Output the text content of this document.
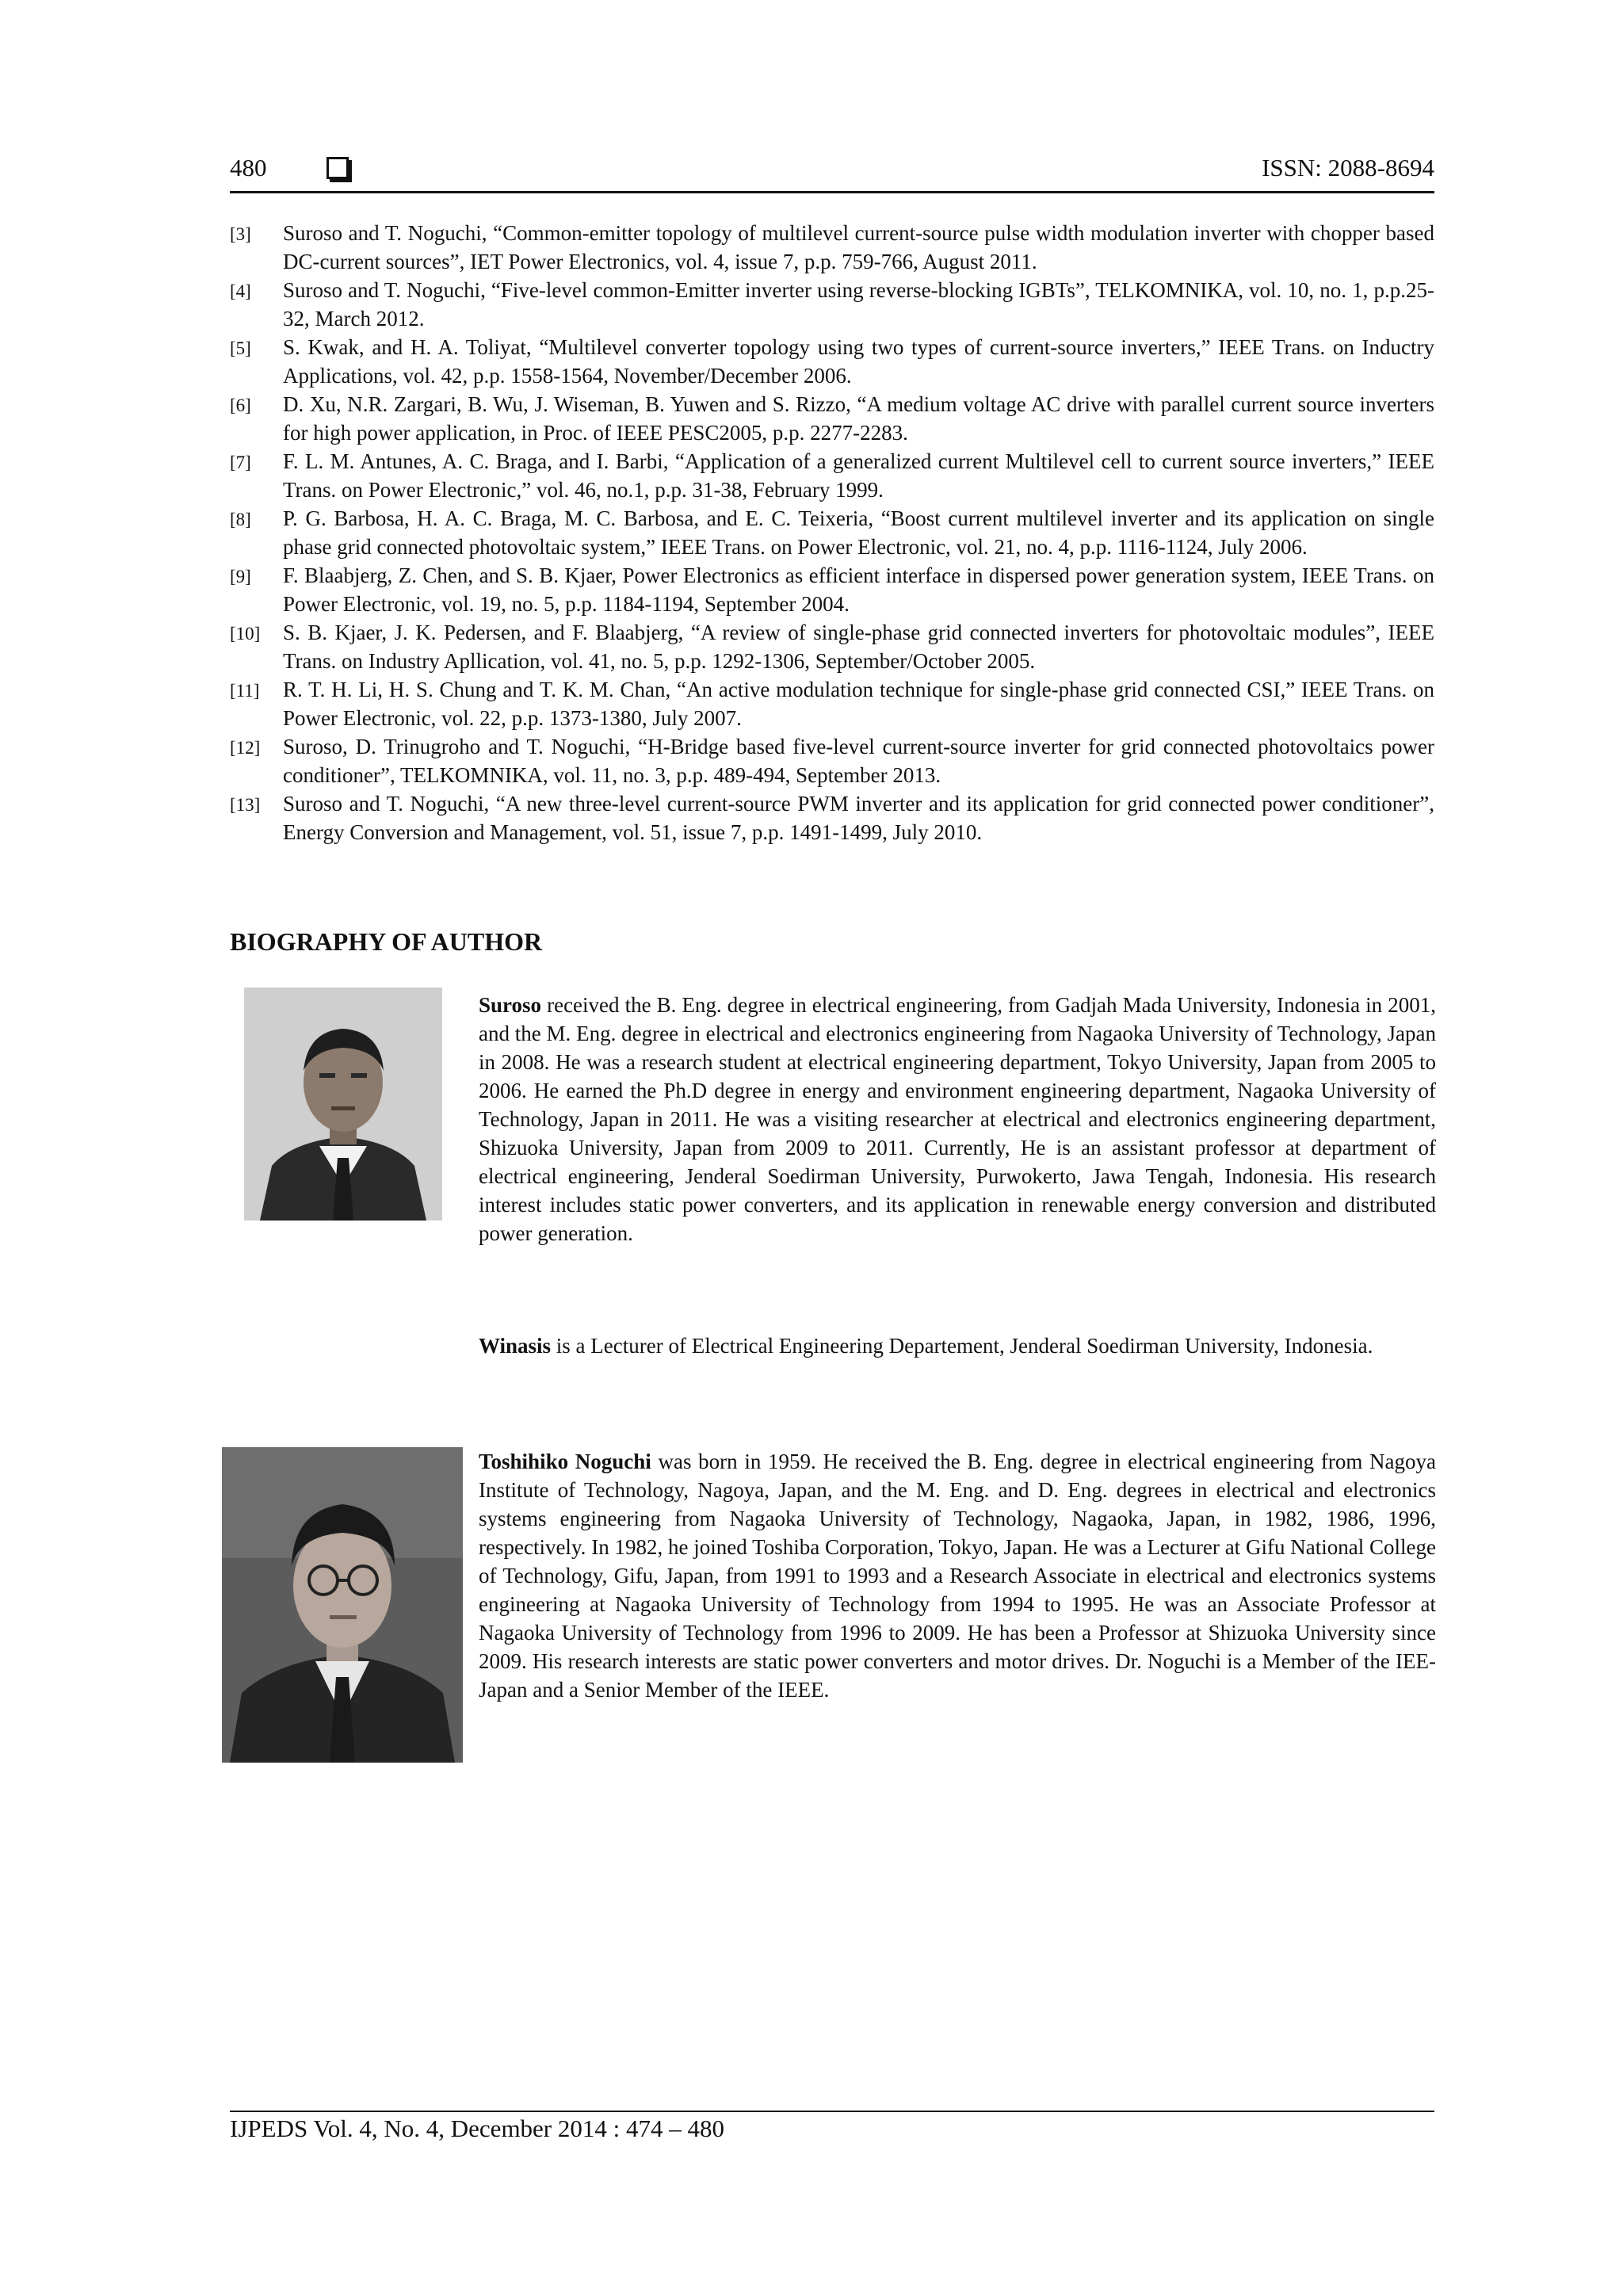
480	ISSN: 2088-8694
[3] Suroso and T. Noguchi, “Common-emitter topology of multilevel current-source pulse width modulation inverter with chopper based DC-current sources”, IET Power Electronics, vol. 4, issue 7, p.p. 759-766, August 2011.
[4] Suroso and T. Noguchi, “Five-level common-Emitter inverter using reverse-blocking IGBTs”, TELKOMNIKA, vol. 10, no. 1, p.p.25-32, March 2012.
[5] S. Kwak, and H. A. Toliyat, “Multilevel converter topology using two types of current-source inverters,” IEEE Trans. on Inductry Applications, vol. 42, p.p. 1558-1564, November/December 2006.
[6] D. Xu, N.R. Zargari, B. Wu, J. Wiseman, B. Yuwen and S. Rizzo, “A medium voltage AC drive with parallel current source inverters for high power application, in Proc. of IEEE PESC2005, p.p. 2277-2283.
[7] F. L. M. Antunes, A. C. Braga, and I. Barbi, “Application of a generalized current Multilevel cell to current source inverters,” IEEE Trans. on Power Electronic,” vol. 46, no.1, p.p. 31-38, February 1999.
[8] P. G. Barbosa, H. A. C. Braga, M. C. Barbosa, and E. C. Teixeria, “Boost current multilevel inverter and its application on single phase grid connected photovoltaic system,” IEEE Trans. on Power Electronic, vol. 21, no. 4, p.p. 1116-1124, July 2006.
[9] F. Blaabjerg, Z. Chen, and S. B. Kjaer, Power Electronics as efficient interface in dispersed power generation system, IEEE Trans. on Power Electronic, vol. 19, no. 5, p.p. 1184-1194, September 2004.
[10] S. B. Kjaer, J. K. Pedersen, and F. Blaabjerg, “A review of single-phase grid connected inverters for photovoltaic modules”, IEEE Trans. on Industry Apllication, vol. 41, no. 5, p.p. 1292-1306, September/October 2005.
[11] R. T. H. Li, H. S. Chung and T. K. M. Chan, “An active modulation technique for single-phase grid connected CSI,” IEEE Trans. on Power Electronic, vol. 22, p.p. 1373-1380, July 2007.
[12] Suroso, D. Trinugroho and T. Noguchi, “H-Bridge based five-level current-source inverter for grid connected photovoltaics power conditioner”, TELKOMNIKA, vol. 11, no. 3, p.p. 489-494, September 2013.
[13] Suroso and T. Noguchi, “A new three-level current-source PWM inverter and its application for grid connected power conditioner”, Energy Conversion and Management, vol. 51, issue 7, p.p. 1491-1499, July 2010.
BIOGRAPHY OF AUTHOR

Suroso received the B. Eng. degree in electrical engineering, from Gadjah Mada University, Indonesia in 2001, and the M. Eng. degree in electrical and electronics engineering from Nagaoka University of Technology, Japan in 2008. He was a research student at electrical engineering department, Tokyo University, Japan from 2005 to 2006. He earned the Ph.D degree in energy and environment engineering department, Nagaoka University of Technology, Japan in 2011. He was a visiting researcher at electrical and electronics engineering department, Shizuoka University, Japan from 2009 to 2011. Currently, He is an assistant professor at department of electrical engineering, Jenderal Soedirman University, Purwokerto, Jawa Tengah, Indonesia. His research interest includes static power converters, and its application in renewable energy conversion and distributed power generation.

Winasis is a Lecturer of Electrical Engineering Departement, Jenderal Soedirman University, Indonesia.

Toshihiko Noguchi was born in 1959. He received the B. Eng. degree in electrical engineering from Nagoya Institute of Technology, Nagoya, Japan, and the M. Eng. and D. Eng. degrees in electrical and electronics systems engineering from Nagaoka University of Technology, Nagaoka, Japan, in 1982, 1986, 1996, respectively. In 1982, he joined Toshiba Corporation, Tokyo, Japan. He was a Lecturer at Gifu National College of Technology, Gifu, Japan, from 1991 to 1993 and a Research Associate in electrical and electronics systems engineering at Nagaoka University of Technology from 1994 to 1995. He was an Associate Professor at Nagaoka University of Technology from 1996 to 2009. He has been a Professor at Shizuoka University since 2009. His research interests are static power converters and motor drives. Dr. Noguchi is a Member of the IEE-Japan and a Senior Member of the IEEE.

IJPEDS Vol. 4, No. 4, December 2014 : 474 – 480
